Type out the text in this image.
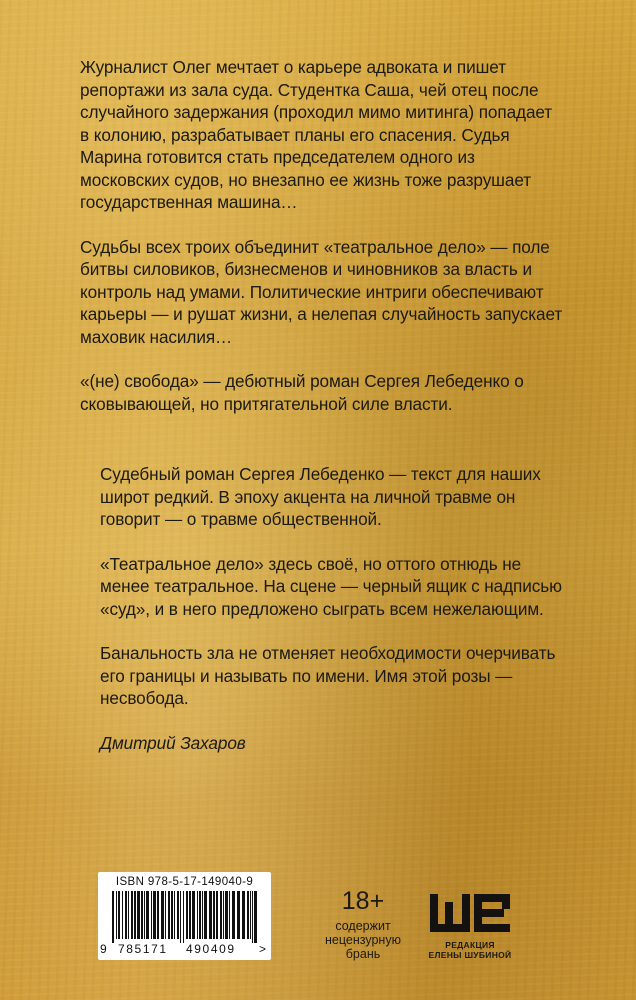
Журналист Олег мечтает о карьере адвоката и пишет репортажи из зала суда. Студентка Саша, чей отец после случайного задержания (проходил мимо митинга) попадает в колонию, разрабатывает планы его спасения. Судья Марина готовится стать председателем одного из московских судов, но внезапно ее жизнь тоже разрушает государственная машина…

Судьбы всех троих объединит «театральное дело» — поле битвы силовиков, бизнесменов и чиновников за власть и контроль над умами. Политические интриги обеспечивают карьеры — и рушат жизни, а нелепая случайность запускает маховик насилия…

«(не) свобода» — дебютный роман Сергея Лебеденко о сковывающей, но притягательной силе власти.

Судебный роман Сергея Лебеденко — текст для наших широт редкий. В эпоху акцента на личной травме он говорит — о травме общественной.

«Театральное дело» здесь своё, но оттого отнюдь не менее театральное. На сцене — черный ящик с надписью «суд», и в него предложено сыграть всем нежелающим.

Банальность зла не отменяет необходимости очерчивать его границы и называть по имени. Имя этой розы — несвобода.

Дмитрий Захаров
ISBN 978-5-17-149040-9
9 785171 490409 >
18+
содержит нецензурную брань
РЕДАКЦИЯ
ЕЛЕНЫ ШУБИНОЙ
